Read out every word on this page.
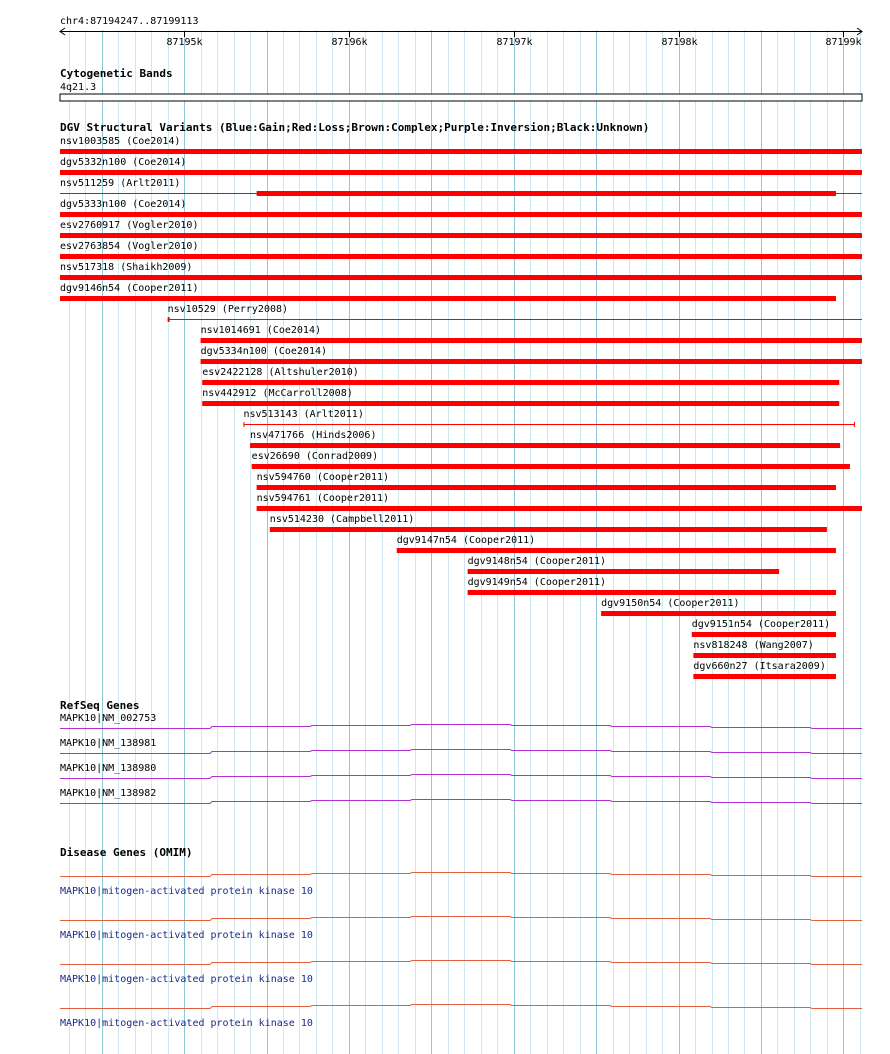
chr4:87194247..87199113
87195k	87196k	87197k	87198k	87199k
Cytogenetic Bands
4q21.3
DGV Structural Variants (Blue:Gain;Red:Loss;Brown:Complex;Purple:Inversion;Black:Unknown)
nsv1003585 (Coe2014)
dgv5332n100 (Coe2014)
nsv511259 (Arlt2011)
dgv5333n100 (Coe2014)
esv2760917 (Vogler2010)
esv2763854 (Vogler2010)
nsv517318 (Shaikh2009)
dgv9146n54 (Cooper2011)
nsv10529 (Perry2008)
nsv1014691 (Coe2014)
dgv5334n100 (Coe2014)
esv2422128 (Altshuler2010)
nsv442912 (McCarroll2008)
nsv513143 (Arlt2011)
nsv471766 (Hinds2006)
esv26690 (Conrad2009)
nsv594760 (Cooper2011)
nsv594761 (Cooper2011)
nsv514230 (Campbell2011)
dgv9147n54 (Cooper2011)
dgv9148n54 (Cooper2011)
dgv9149n54 (Cooper2011)
dgv9150n54 (Cooper2011)
dgv9151n54 (Cooper2011)
nsv818248 (Wang2007)
dgv660n27 (Itsara2009)
RefSeq Genes
MAPK10|NM_002753
MAPK10|NM_138981
MAPK10|NM_138980
MAPK10|NM_138982
Disease Genes (OMIM)
MAPK10|mitogen-activated protein kinase 10
MAPK10|mitogen-activated protein kinase 10
MAPK10|mitogen-activated protein kinase 10
MAPK10|mitogen-activated protein kinase 10
